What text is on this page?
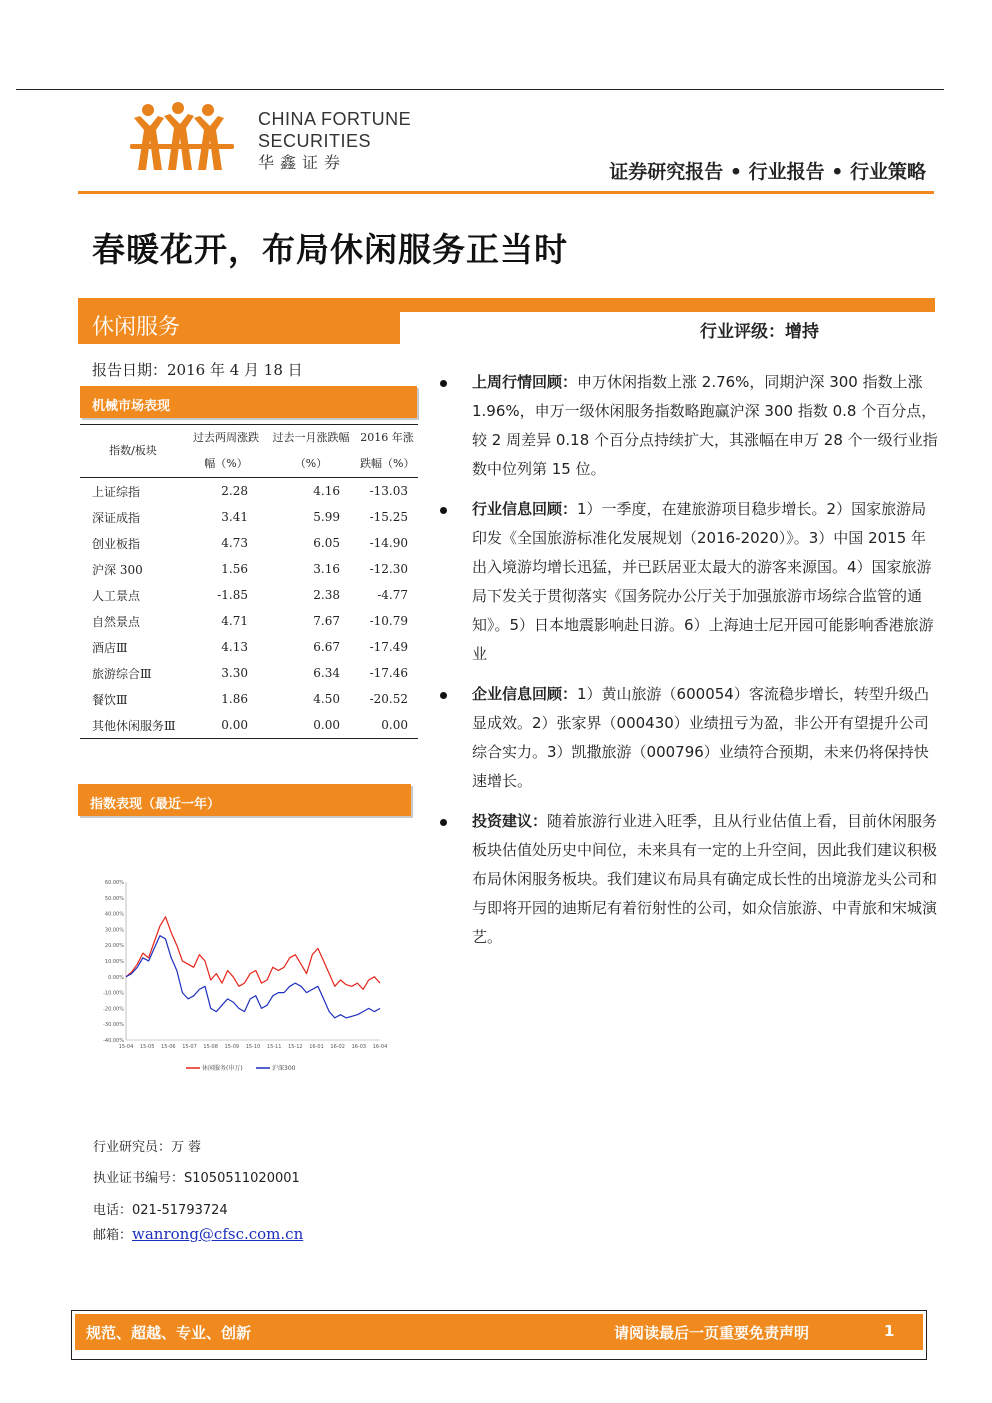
CHINA FORTUNE
SECURITIES
华鑫证券	证券研究报告 • 行业报告 • 行业策略
春暖花开，布局休闲服务正当时
休闲服务	行业评级：增持
报告日期：2016 年 4 月 18 日
机械市场表现
指数/板块	过去两周涨跌幅（%）	过去一月涨跌幅（%）	2016 年涨跌幅（%）
上证综指	2.28	4.16	-13.03
深证成指	3.41	5.99	-15.25
创业板指	4.73	6.05	-14.90
沪深 300	1.56	3.16	-12.30
人工景点	-1.85	2.38	-4.77
自然景点	4.71	7.67	-10.79
酒店Ⅲ	4.13	6.67	-17.49
旅游综合Ⅲ	3.30	6.34	-17.46
餐饮Ⅲ	1.86	4.50	-20.52
其他休闲服务Ⅲ	0.00	0.00	0.00
指数表现（最近一年）
60.00%
50.00%
40.00%
30.00%
20.00%
10.00%
0.00%
-10.00%
-20.00%
-30.00%
-40.00%
15-04 15-05 15-06 15-07 15-08 15-09 15-10 15-11 15-12 16-01 16-02 16-03 16-04
休闲服务(申万)	沪深300
行业研究员：万 蓉
执业证书编号：S1050511020001
电话：021-51793724
邮箱：wanrong@cfsc.com.cn
上周行情回顾：申万休闲指数上涨 2.76%，同期沪深 300 指数上涨 1.96%，申万一级休闲服务指数略跑赢沪深 300 指数 0.8 个百分点，较 2 周差异 0.18 个百分点持续扩大，其涨幅在申万 28 个一级行业指数中位列第 15 位。
行业信息回顾：1）一季度，在建旅游项目稳步增长。2）国家旅游局印发《全国旅游标准化发展规划（2016-2020）》。3）中国 2015 年出入境游均增长迅猛，并已跃居亚太最大的游客来源国。4）国家旅游局下发关于贯彻落实《国务院办公厅关于加强旅游市场综合监管的通知》。5）日本地震影响赴日游。6）上海迪士尼开园可能影响香港旅游业
企业信息回顾：1）黄山旅游（600054）客流稳步增长，转型升级凸显成效。2）张家界（000430）业绩扭亏为盈，非公开有望提升公司综合实力。3）凯撒旅游（000796）业绩符合预期，未来仍将保持快速增长。
投资建议：随着旅游行业进入旺季，且从行业估值上看，目前休闲服务板块估值处历史中间位，未来具有一定的上升空间，因此我们建议积极布局休闲服务板块。我们建议布局具有确定成长性的出境游龙头公司和与即将开园的迪斯尼有着衍射性的公司，如众信旅游、中青旅和宋城演艺。
规范、超越、专业、创新	请阅读最后一页重要免责声明	1
